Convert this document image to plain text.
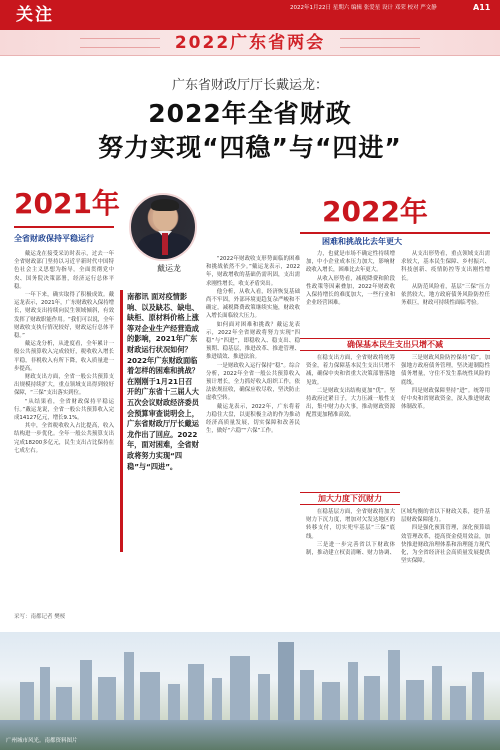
关注	2022年1月22日 星期六 编辑 张爱星 设计 邓荣 校对 严文静	A11
2022广东省两会
广东省财政厅厅长戴运龙：
2022年全省财政
努力实现“四稳”与“四进”
2021年
全省财政保持平稳运行

戴运龙在接受采访时表示，过去一年全省财政部门坚持以习近平新时代中国特色社会主义思想为指导，全面贯彻党中央、国务院决策部署，经济运行总体平稳。

一年下来，确实取得了积极成效。戴运龙表示，2021年，广东财政收入保持增长，财政支出持续向民生领域倾斜，有效发挥了财政职能作用。“我们可以说，全年财政收支执行情况较好，财政运行总体平稳。”

戴运龙分析，从进度看，全年累计一般公共预算收入完成较好，税收收入增长平稳，非税收入有所下降，收入质量进一步提高。

财政支出方面，全省一般公共预算支出规模持续扩大，重点领域支出得到较好保障，“三保”支出落实到位。

“从结果看，全省财政保持平稳运行。”戴运龙说，全省一般公共预算收入完成14127亿元，增长9.1%。

其中，全省税收收入占比提高，收入结构进一步优化。全年一般公共预算支出完成18200多亿元，民生支出占比保持在七成左右。

采写：南都记者 樊桜
戴运龙
南都讯 面对疫情影响、以及缺芯、缺电、缺柜、原材料价格上涨等对企业生产经营造成的影响，2021年广东财政运行状况如何？2022年广东财政面临着怎样的困难和挑战？在刚刚于1月21日召开的广东省十三届人大五次会议财政经济委员会预算审查说明会上，广东省财政厅厅长戴运龙作出了回应。2022年，面对困难，全省财政将努力实现“四稳”与“四进”。

“2022年财政收支形势面临的困难和挑战依然不少。”戴运龙表示，2022年，财政增收的基础仍需巩固，支出需求刚性增长，收支矛盾突出。

他分析，从收入看，经济恢复基础尚不牢固，外部环境更趋复杂严峻和不确定，减税降费政策继续实施，财政收入增长面临较大压力。

如何面对困难和挑战？戴运龙表示，2022年全省财政将努力实现“四稳”与“四进”，即稳收入、稳支出、稳预期、稳基层，推进改革、推进管理、推进绩效、推进法治。

一是财政收入运行保持“稳”。综合分析，2022年全省一般公共预算收入预计增长，全力抓好收入组织工作，依法依规征收，确保应收尽收，坚决防止虚收空转。

戴运龙表示，2022年，广东将着力稳住大盘，以更积极主动的作为推动经济高质量发展，切实保障和改善民生，做好“六稳”“六保”工作。

2022年
困难和挑战比去年更大

力，也就是市场不确定性持续增加，中小企业成本压力加大，影响财政收入增长，困难比去年更大。

从收入形势看，减税降费和阶段性政策等因素叠加，2022年财政收入保持增长的难度加大，一些行业和企业经营困难。

从支出形势看，重点领域支出需求较大，基本民生保障、乡村振兴、科技创新、疫情防控等支出刚性增长。

从防范风险看，基层“三保”压力依然较大，地方政府债务风险防控任务艰巨，财政可持续性面临考验。

确保基本民生支出只增不减

在稳支出方面，全省财政将统筹资金，着力保障基本民生支出只增不减，确保中央和省重大决策部署落地见效。

二是财政支出结构更加“优”。坚持政府过紧日子，大力压减一般性支出，集中财力办大事，推动财政资源配置更加精准高效。

三是财政风险防控保持“稳”。加强地方政府债务管理，坚决遏制隐性债务增量，守住不发生系统性风险的底线。

四是财政保障坚持“进”。统筹用好中央和省财政资金，深入推进财政体制改革。

加大力度下沉财力

在稳基层方面，全省财政将加大财力下沉力度，增加对欠发达地区的转移支付，切实兜牢基层“三保”底线。

三是进一步完善省以下财政体制，推动建立权责清晰、财力协调、区域均衡的省以下财政关系，提升基层财政保障能力。

四是强化预算管理，深化预算绩效管理改革，提高资金使用效益，加快推进财政治理体系和治理能力现代化，为全省经济社会高质量发展提供坚实保障。

广州城市风光。南都资料图片
